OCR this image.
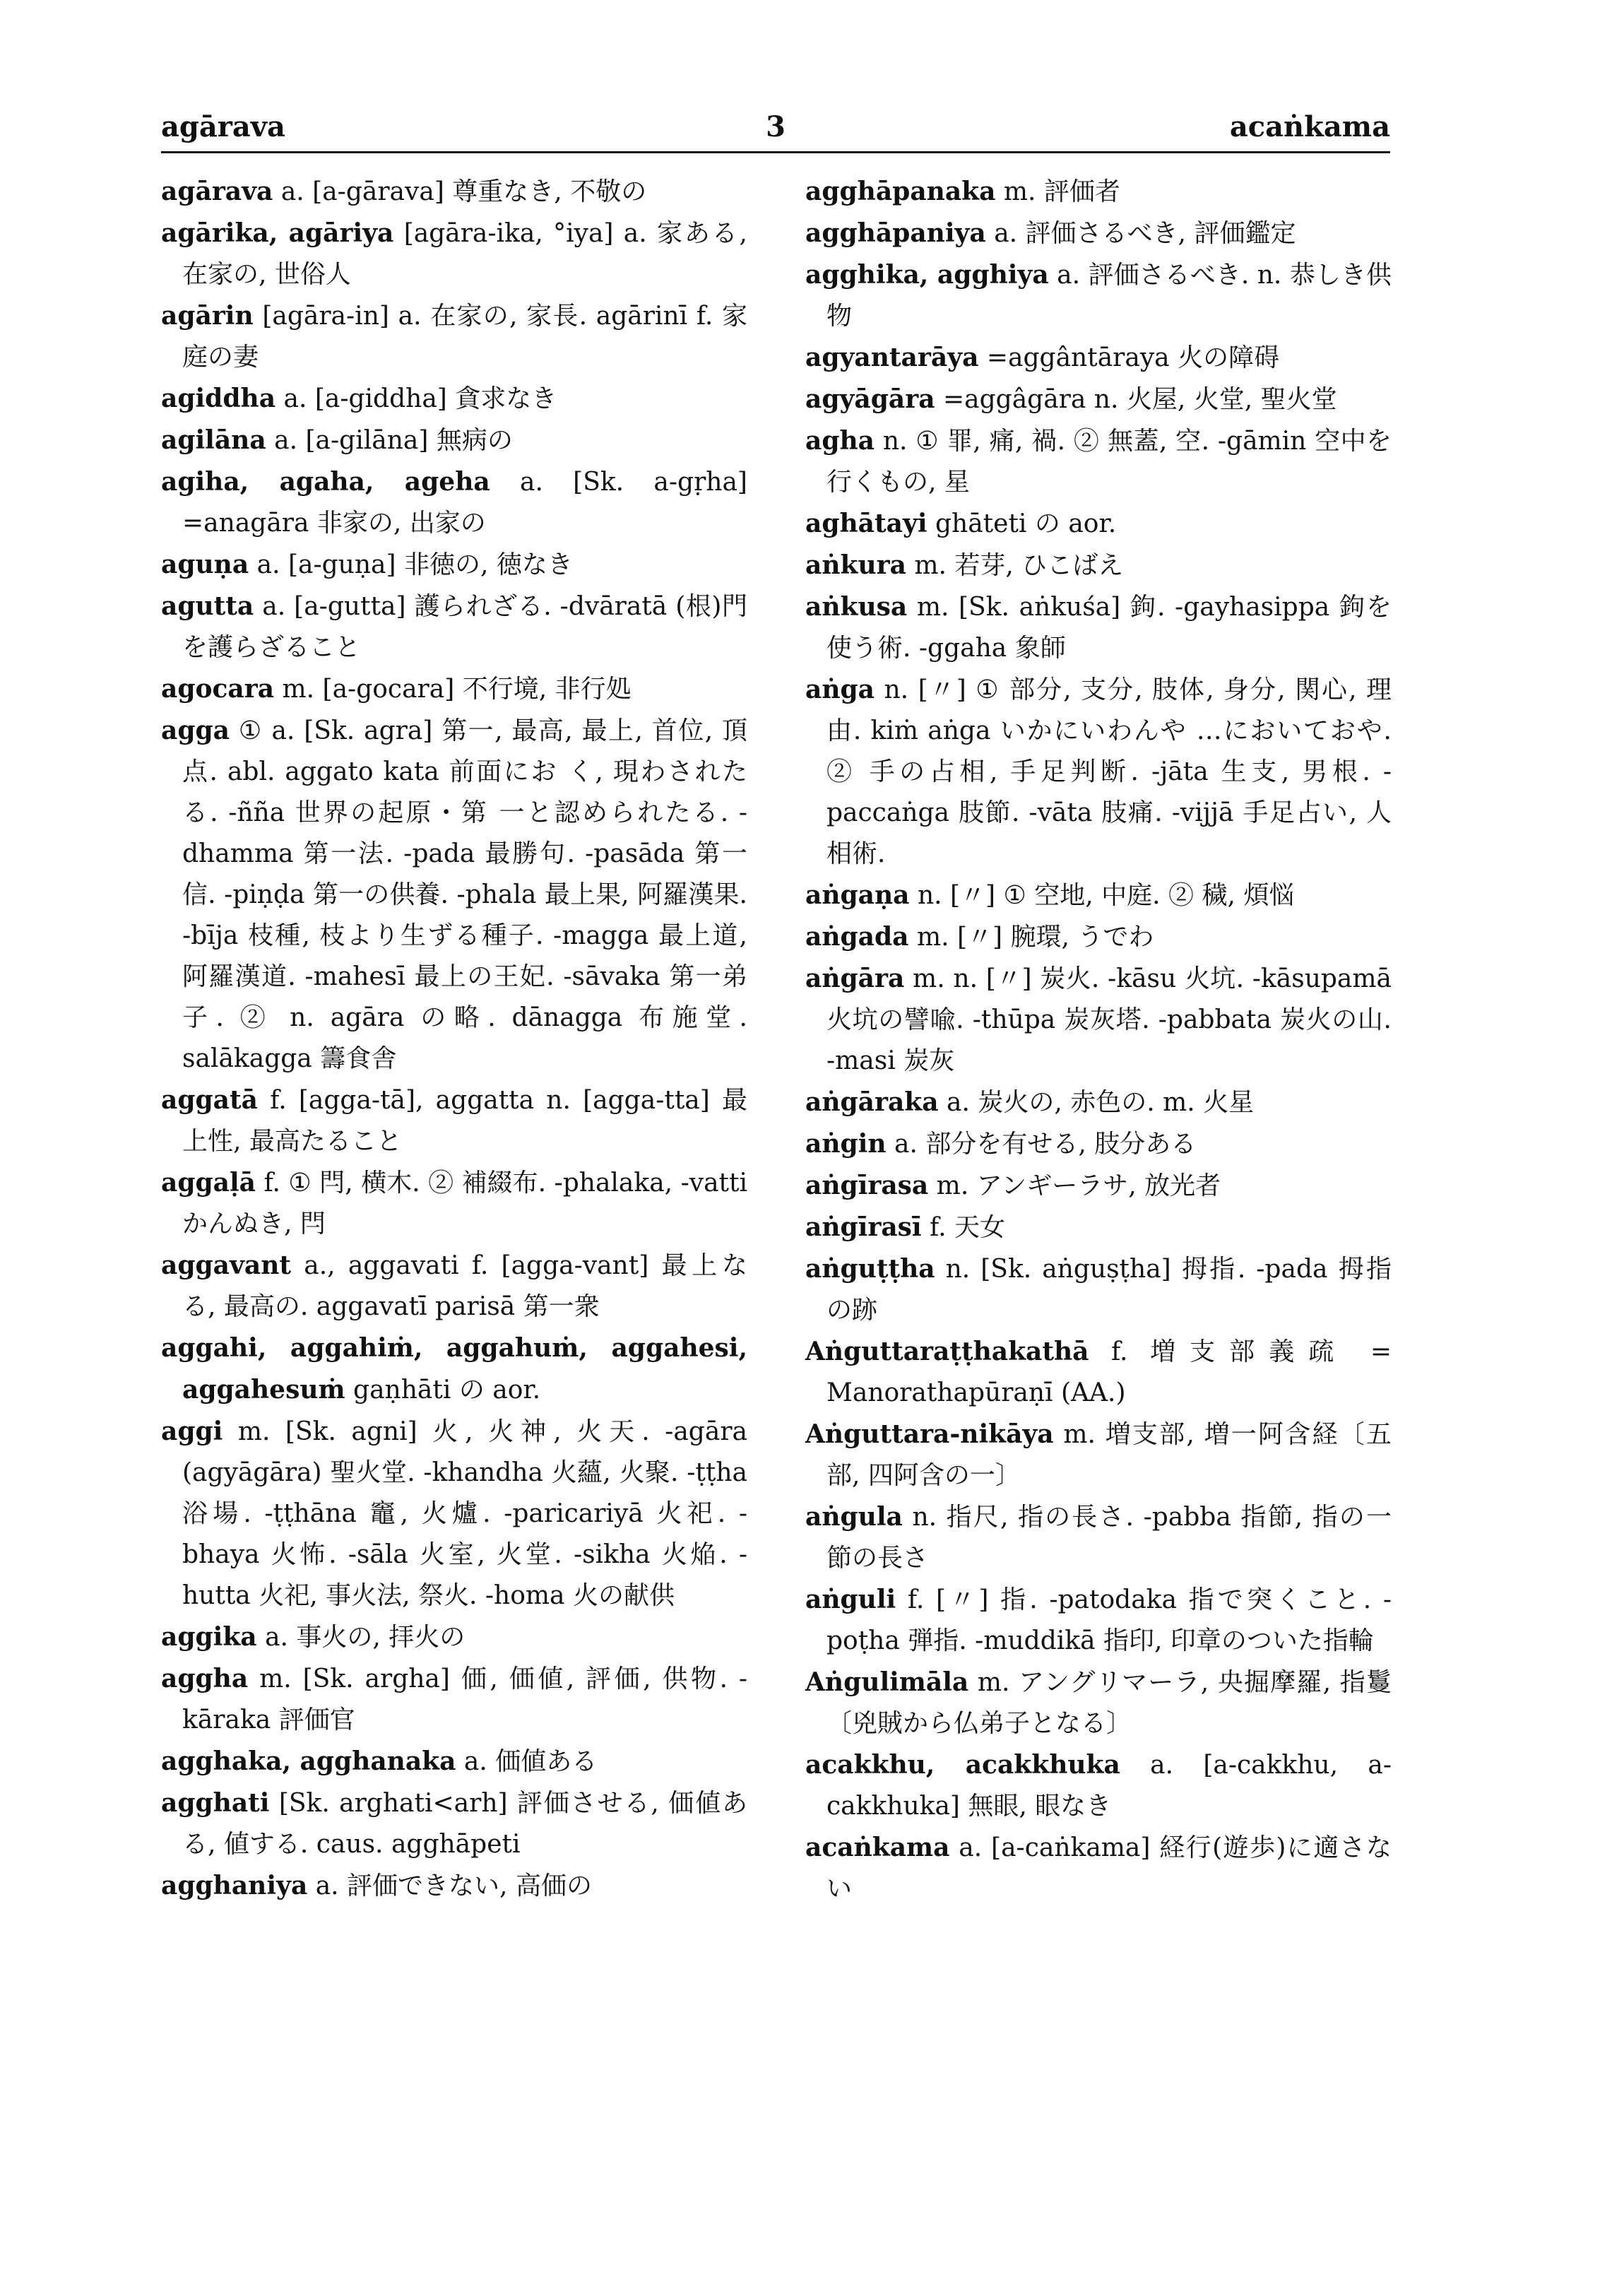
agārava	3	acaṅkama
agārava a. [a-gārava] 尊重なき, 不敬の
agārika, agāriya [agāra-ika, °iya] a. 家ある, 在家の, 世俗人
agārin [agāra-in] a. 在家の, 家長. agārinī f. 家庭の妻
agiddha a. [a-giddha] 貪求なき
agilāna a. [a-gilāna] 無病の
agiha, agaha, ageha a. [Sk. a-gṛha] =anagāra 非家の, 出家の
aguṇa a. [a-guṇa] 非徳の, 徳なき
agutta a. [a-gutta] 護られざる. -dvāratā (根)門を護らざること
agocara m. [a-gocara] 不行境, 非行処
agga ① a. [Sk. agra] 第一, 最高, 最上, 首位, 頂点. abl. aggato kata 前面にお く, 現わされたる. -ñña 世界の起原・第 一と認められたる. -dhamma 第一法. -pada 最勝句. -pasāda 第一信. -piṇḍa 第一の供養. -phala 最上果, 阿羅漢果. -bīja 枝種, 枝より生ずる種子. -magga 最上道, 阿羅漢道. -mahesī 最上の王妃. -sāvaka 第一弟子. ② n. agāra の略. dānagga 布施堂. salākagga 籌食舎
aggatā f. [agga-tā], aggatta n. [agga-tta] 最上性, 最高たること
aggaḷā f. ① 閂, 横木. ② 補綴布. -phalaka, -vatti かんぬき, 閂
aggavant a., aggavati f. [agga-vant] 最上なる, 最高の. aggavatī parisā 第一衆
aggahi, aggahiṁ, aggahuṁ, aggahesi, aggahesuṁ gaṇhāti の aor.
aggi m. [Sk. agni] 火, 火神, 火天. -agāra (agyāgāra) 聖火堂. -khandha 火蘊, 火聚. -ṭṭha 浴場. -ṭṭhāna 竈, 火爐. -paricariyā 火祀. -bhaya 火怖. -sāla 火室, 火堂. -sikha 火焔. -hutta 火祀, 事火法, 祭火. -homa 火の献供
aggika a. 事火の, 拝火の
aggha m. [Sk. argha] 価, 価値, 評価, 供物. -kāraka 評価官
agghaka, agghanaka a. 価値ある
agghati [Sk. arghati<arh] 評価させる, 価値ある, 値する. caus. agghāpeti
agghaniya a. 評価できない, 高価の
agghāpanaka m. 評価者
agghāpaniya a. 評価さるべき, 評価鑑定
agghika, agghiya a. 評価さるべき. n. 恭しき供物
agyantarāya =aggântāraya 火の障碍
agyāgāra =aggâgāra n. 火屋, 火堂, 聖火堂
agha n. ① 罪, 痛, 禍. ② 無蓋, 空. -gāmin 空中を行くもの, 星
aghātayi ghāteti の aor.
aṅkura m. 若芽, ひこばえ
aṅkusa m. [Sk. aṅkuśa] 鉤. -gayhasippa 鉤を使う術. -ggaha 象師
aṅga n. [〃] ① 部分, 支分, 肢体, 身分, 関心, 理由. kiṁ aṅga いかにいわんや …においておや. ② 手の占相, 手足判断. -jāta 生支, 男根. -paccaṅga 肢節. -vāta 肢痛. -vijjā 手足占い, 人相術.
aṅgaṇa n. [〃] ① 空地, 中庭. ② 穢, 煩悩
aṅgada m. [〃] 腕環, うでわ
aṅgāra m. n. [〃] 炭火. -kāsu 火坑. -kāsupamā 火坑の譬喩. -thūpa 炭灰塔. -pabbata 炭火の山. -masi 炭灰
aṅgāraka a. 炭火の, 赤色の. m. 火星
aṅgin a. 部分を有せる, 肢分ある
aṅgīrasa m. アンギーラサ, 放光者
aṅgīrasī f. 天女
aṅguṭṭha n. [Sk. aṅguṣṭha] 拇指. -pada 拇指の跡
Aṅguttaraṭṭhakathā f. 増支部義疏 = Manorathapūraṇī (AA.)
Aṅguttara-nikāya m. 増支部, 増一阿含経〔五部, 四阿含の一〕
aṅgula n. 指尺, 指の長さ. -pabba 指節, 指の一節の長さ
aṅguli f. [〃] 指. -patodaka 指で突くこと. -poṭha 弾指. -muddikā 指印, 印章のついた指輪
Aṅgulimāla m. アングリマーラ, 央掘摩羅, 指鬘〔兇賊から仏弟子となる〕
acakkhu, acakkhuka a. [a-cakkhu, a-cakkhuka] 無眼, 眼なき
acaṅkama a. [a-caṅkama] 経行(遊歩)に適さない
